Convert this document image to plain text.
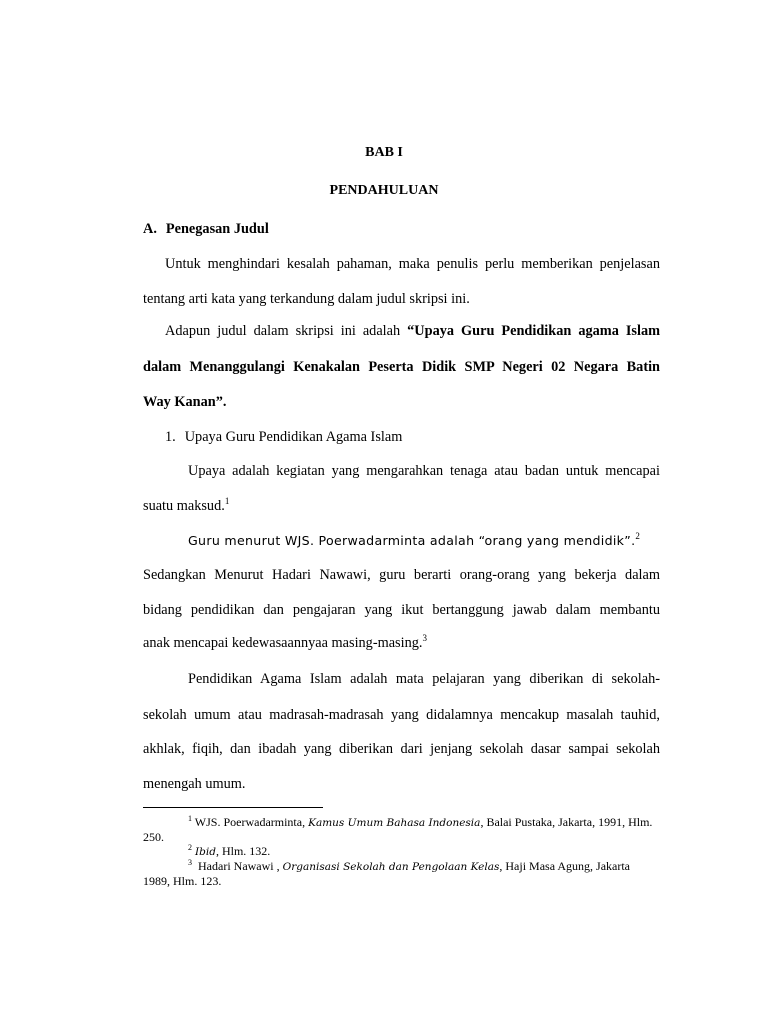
BAB I
PENDAHULUAN
A. Penegasan Judul
Untuk menghindari kesalah pahaman, maka penulis perlu memberikan penjelasan
tentang arti kata yang terkandung dalam judul skripsi ini.
Adapun judul dalam skripsi ini adalah “Upaya Guru Pendidikan agama Islam
dalam Menanggulangi Kenakalan Peserta Didik SMP Negeri 02 Negara Batin
Way Kanan”.
1. Upaya Guru Pendidikan Agama Islam
Upaya adalah kegiatan yang mengarahkan tenaga atau badan untuk mencapai
suatu maksud.$^1$
Guru menurut WJS. Poerwadarminta adalah “orang yang mendidik”.$^2$
Sedangkan Menurut Hadari Nawawi, guru berarti orang-orang yang bekerja dalam
bidang pendidikan dan pengajaran yang ikut bertanggung jawab dalam membantu
anak mencapai kedewasaannyaa masing-masing.$^3$
Pendidikan Agama Islam adalah mata pelajaran yang diberikan di sekolah-
sekolah umum atau madrasah-madrasah yang didalamnya mencakup masalah tauhid,
akhlak, fiqih, dan ibadah yang diberikan dari jenjang sekolah dasar sampai sekolah
menengah umum.
$^1$ WJS. Poerwadarminta, Kamus Umum Bahasa Indonesia, Balai Pustaka, Jakarta, 1991, Hlm.
250.
$^2$ Ibid, Hlm. 132.
$^3$  Hadari Nawawi , Organisasi Sekolah dan Pengolaan Kelas, Haji Masa Agung, Jakarta
1989, Hlm. 123.
